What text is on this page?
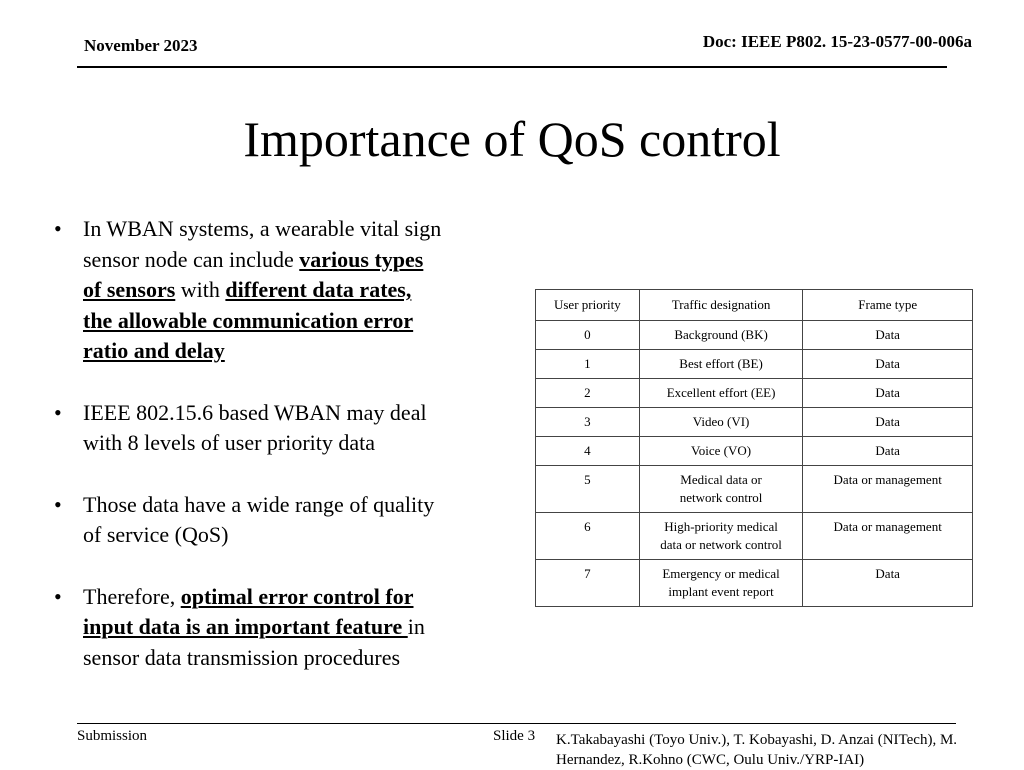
November 2023	Doc: IEEE P802. 15-23-0577-00-006a
Importance of QoS control
• In WBAN systems, a wearable vital sign
sensor node can include various types
of sensors with different data rates,
the allowable communication error
ratio and delay
• IEEE 802.15.6 based WBAN may deal
with 8 levels of user priority data
• Those data have a wide range of quality
of service (QoS)
• Therefore, optimal error control for
input data is an important feature in
sensor data transmission procedures
User priority	Traffic designation	Frame type
0	Background (BK)	Data
1	Best effort (BE)	Data
2	Excellent effort (EE)	Data
3	Video (VI)	Data
4	Voice (VO)	Data
5	Medical data or
network control	Data or management
6	High-priority medical
data or network control	Data or management
7	Emergency or medical
implant event report	Data
Submission	Slide 3 K.Takabayashi (Toyo Univ.), T. Kobayashi, D. Anzai (NITech), M.
Hernandez, R.Kohno (CWC, Oulu Univ./YRP-IAI)
